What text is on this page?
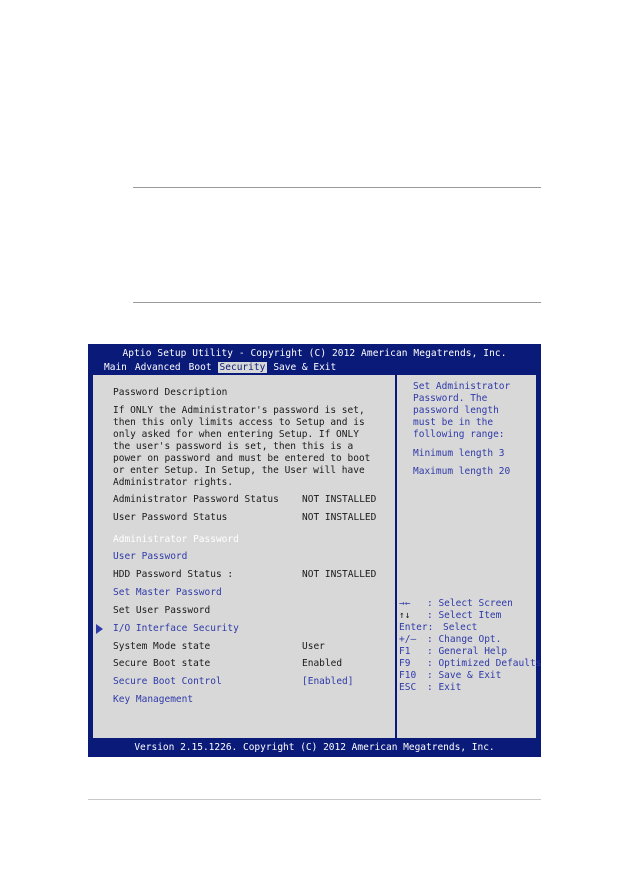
Aptio Setup Utility - Copyright (C) 2012 American Megatrends, Inc.
Main Advanced Boot Security Save & Exit
Password Description
If ONLY the Administrator's password is set,
then this only limits access to Setup and is
only asked for when entering Setup. If ONLY
the user's password is set, then this is a
power on password and must be entered to boot
or enter Setup. In Setup, the User will have
Administrator rights.
Administrator Password Status NOT INSTALLED
User Password Status	NOT INSTALLED
Administrator Password
User Password
HDD Password Status :	NOT INSTALLED
Set Master Password
Set User Password
I/O Interface Security
System Mode state	User
Secure Boot state	Enabled
Secure Boot Control	[Enabled]
Key Management
Set Administrator
Password. The
password length
must be in the
following range:
Minimum length 3
Maximum length 20
→← : Select Screen
↑↓ : Select Item
Enter: Select
+/— : Change Opt.
F1 : General Help
F9 : Optimized Defaults
F10 : Save & Exit
ESC : Exit
Version 2.15.1226. Copyright (C) 2012 American Megatrends, Inc.
